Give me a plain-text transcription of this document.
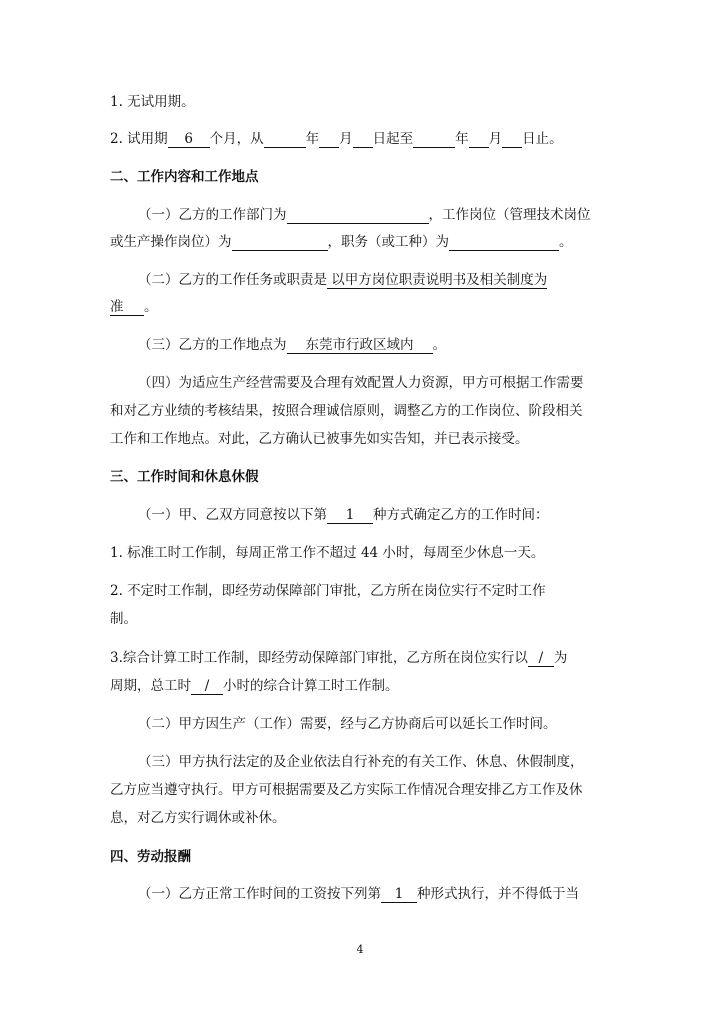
1. 无试用期。
2. 试用期 6 个月，从	年 月 日起至	年 月 日止。
二、工作内容和工作地点
（一）乙方的工作部门为	，工作岗位（管理技术岗位
或生产操作岗位）为	，职务（或工种）为	。
（二）乙方的工作任务或职责是 以甲方岗位职责说明书及相关制度为
准 。
（三）乙方的工作地点为 东莞市行政区域内 。
（四）为适应生产经营需要及合理有效配置人力资源，甲方可根据工作需要
和对乙方业绩的考核结果，按照合理诚信原则，调整乙方的工作岗位、阶段相关
工作和工作地点。对此，乙方确认已被事先如实告知，并已表示接受。
三、工作时间和休息休假
（一）甲、乙双方同意按以下第 1 种方式确定乙方的工作时间：
1. 标准工时工作制，每周正常工作不超过 44 小时，每周至少休息一天。
2. 不定时工作制，即经劳动保障部门审批，乙方所在岗位实行不定时工作
制。
3.综合计算工时工作制，即经劳动保障部门审批，乙方所在岗位实行以 / 为
周期，总工时 / 小时的综合计算工时工作制。
（二）甲方因生产（工作）需要，经与乙方协商后可以延长工作时间。
（三）甲方执行法定的及企业依法自行补充的有关工作、休息、休假制度，
乙方应当遵守执行。甲方可根据需要及乙方实际工作情况合理安排乙方工作及休
息，对乙方实行调休或补休。
四、劳动报酬
（一）乙方正常工作时间的工资按下列第 1 种形式执行，并不得低于当
4
